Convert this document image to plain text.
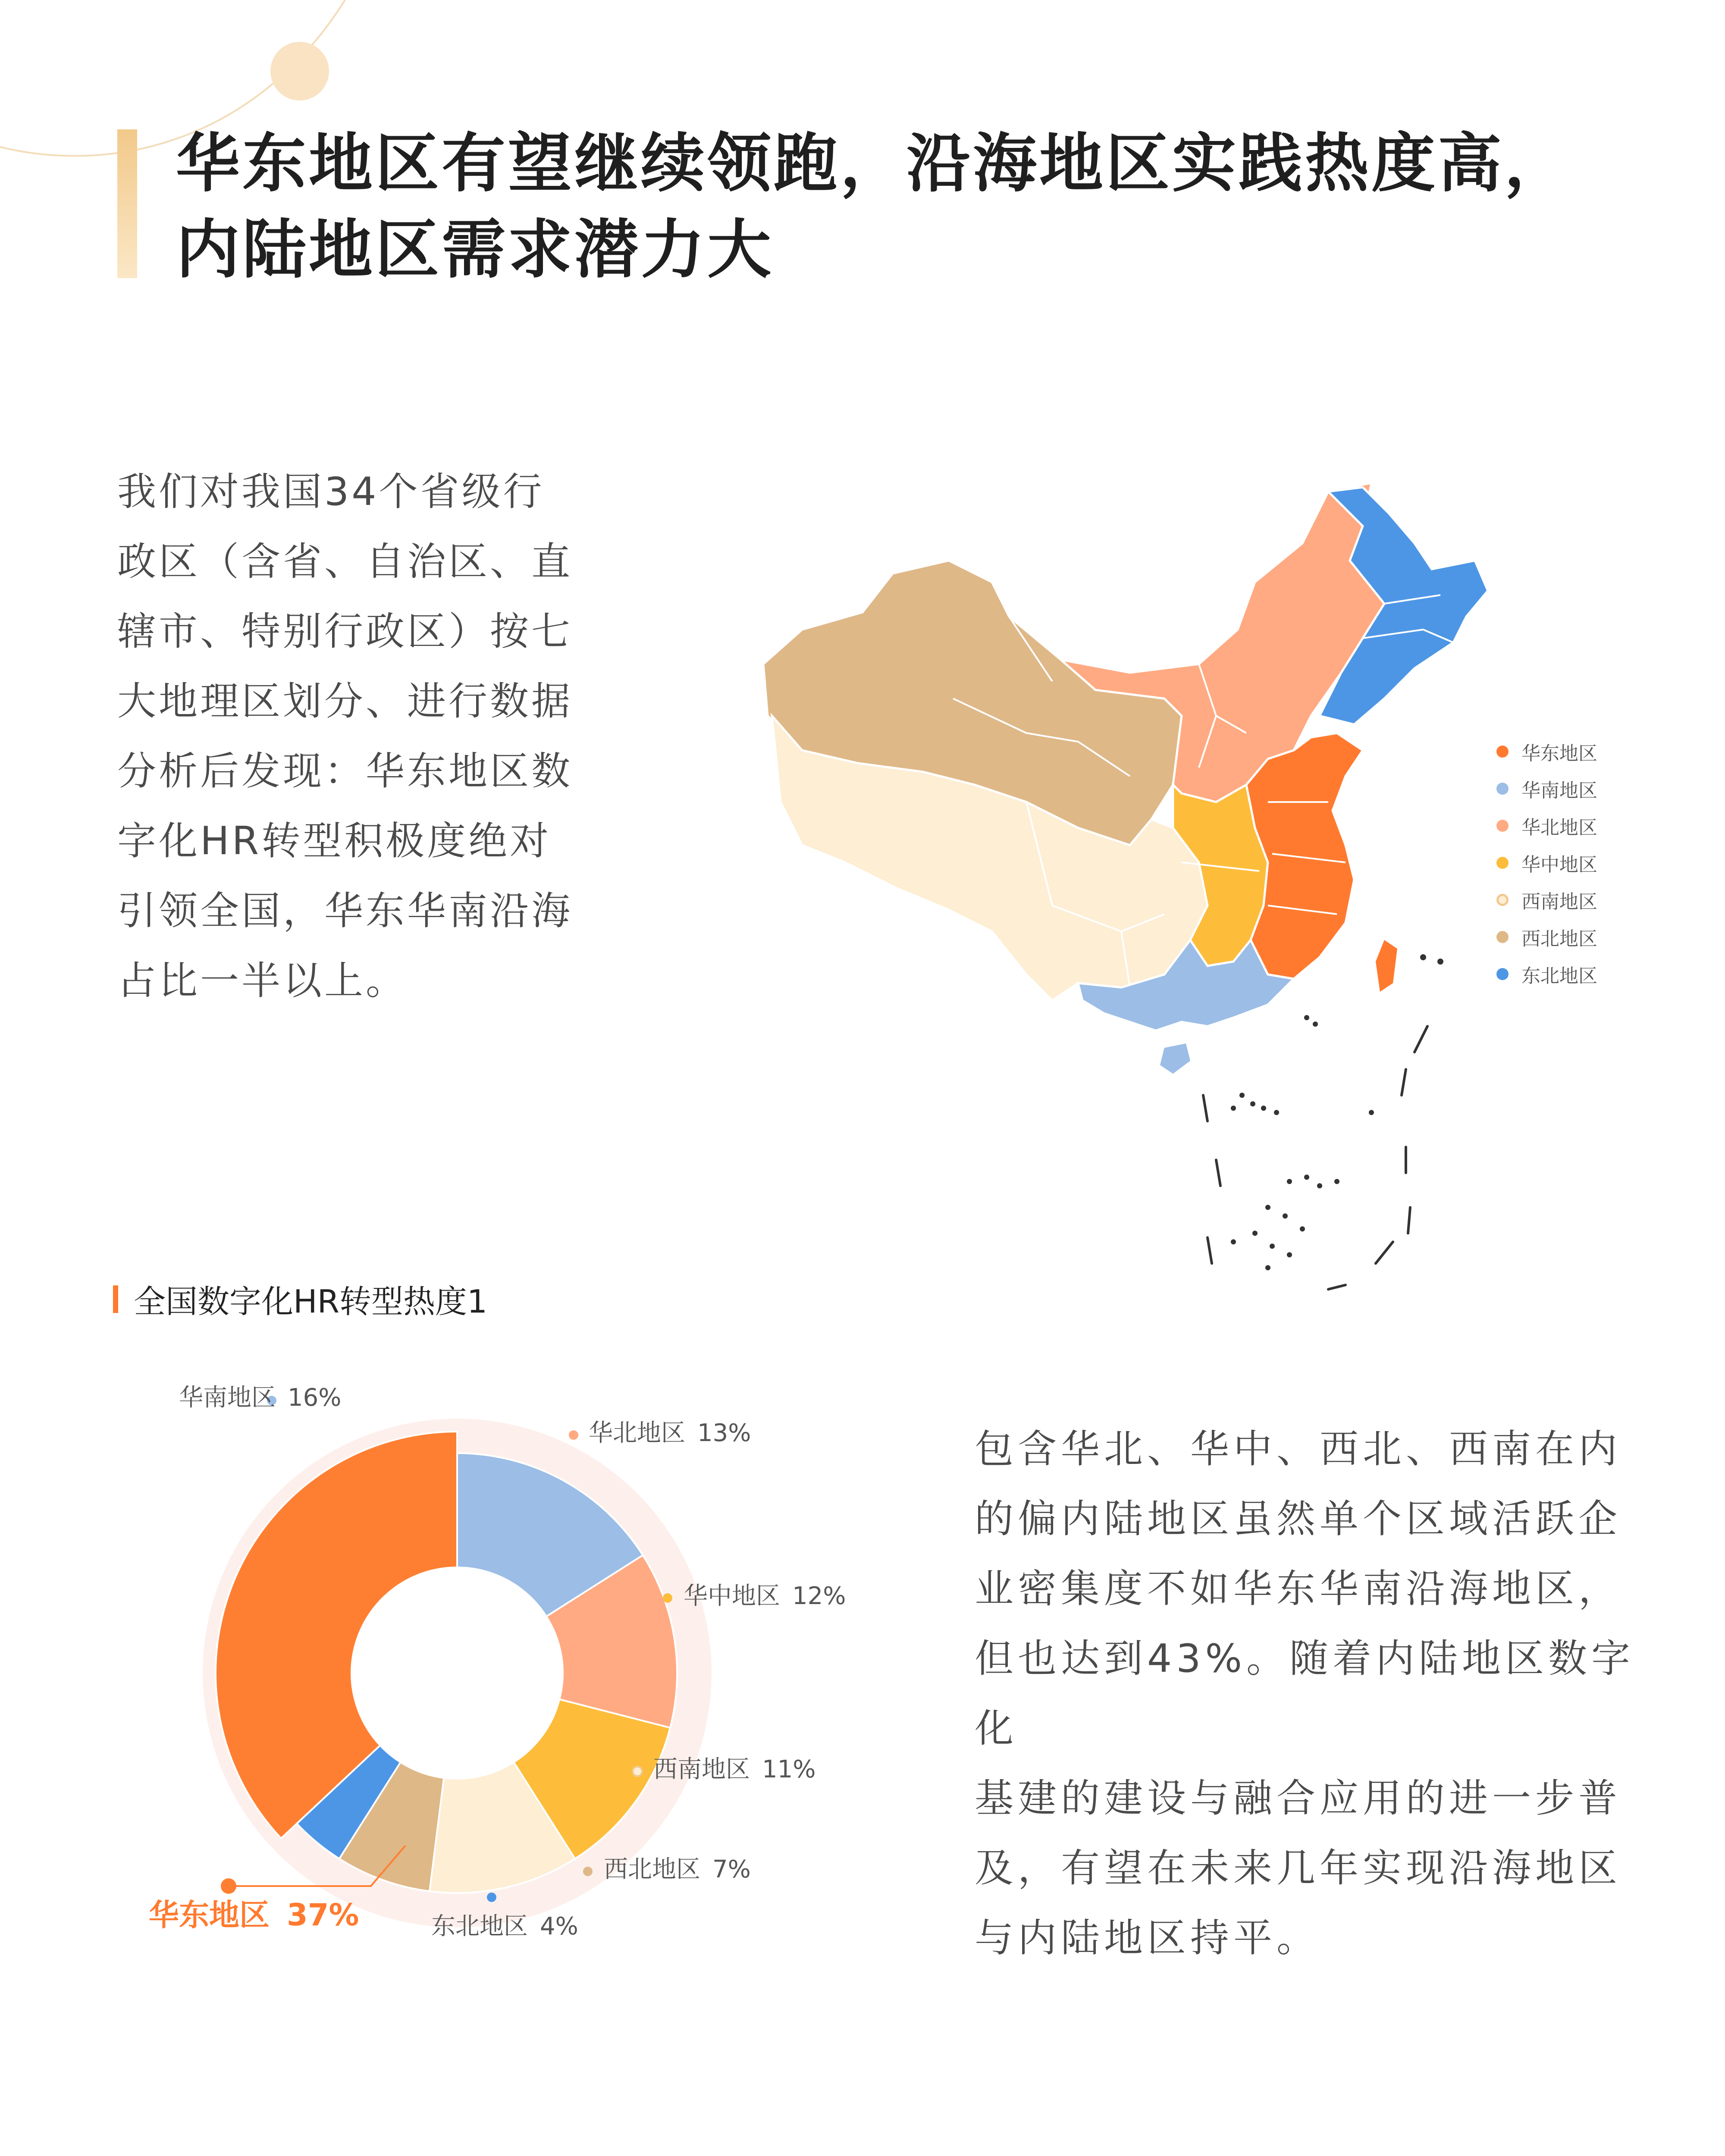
华东地区有望继续领跑，沿海地区实践热度高，
内陆地区需求潜力大
我们对我国34个省级行
政区（含省、自治区、直
辖市、特别行政区）按七
大地理区划分、进行数据
分析后发现：华东地区数
字化HR转型积极度绝对
引领全国，华东华南沿海
占比一半以上。
华东地区
华南地区
华北地区
华中地区
西南地区
西北地区
东北地区
全国数字化HR转型热度1
华东地区 37%
华南地区 16%
华北地区 13%
华中地区 12%
西南地区 11%
西北地区 7%
东北地区 4%
包含华北、华中、西北、西南在内
的偏内陆地区虽然单个区域活跃企
业密集度不如华东华南沿海地区，
但也达到43%。随着内陆地区数字化
基建的建设与融合应用的进一步普
及，有望在未来几年实现沿海地区
与内陆地区持平。
